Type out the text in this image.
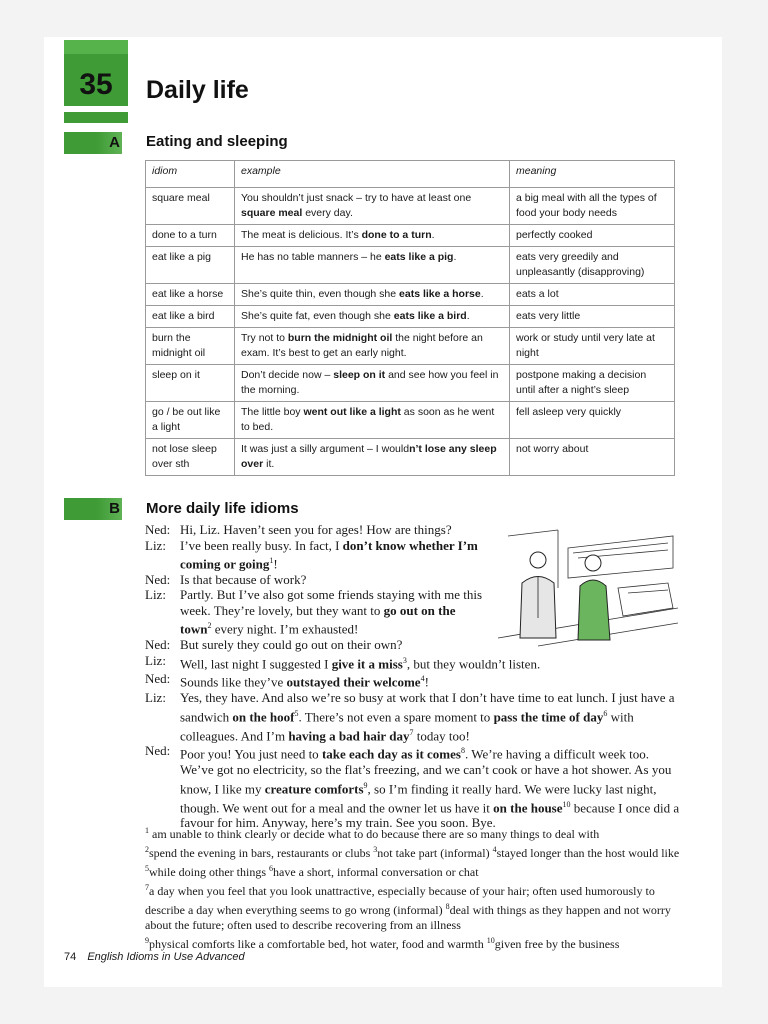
35	Daily life
A Eating and sleeping
idiom	example	meaning
square meal	You shouldn’t just snack – try to have at least one square meal every day.	a big meal with all the types of food your body needs
done to a turn	The meat is delicious. It’s done to a turn.	perfectly cooked
eat like a pig	He has no table manners – he eats like a pig.	eats very greedily and unpleasantly (disapproving)
eat like a horse	She’s quite thin, even though she eats like a horse.	eats a lot
eat like a bird	She’s quite fat, even though she eats like a bird.	eats very little
burn the midnight oil	Try not to burn the midnight oil the night before an exam. It’s best to get an early night.	work or study until very late at night
sleep on it	Don’t decide now – sleep on it and see how you feel in the morning.	postpone making a decision until after a night’s sleep
go / be out like a light	The little boy went out like a light as soon as he went to bed.	fell asleep very quickly
not lose sleep over sth	It was just a silly argument – I wouldn’t lose any sleep over it.	not worry about
B More daily life idioms
Ned: Hi, Liz. Haven’t seen you for ages! How are things?
Liz:	I’ve been really busy. In fact, I don’t know whether I’m coming or going$^1$!
Ned: Is that because of work?
Liz:	Partly. But I’ve also got some friends staying with me this week. They’re lovely, but they want to go out on the town$^2$ every night. I’m exhausted!
Ned: But surely they could go out on their own?
Liz:	Well, last night I suggested I give it a miss$^3$, but they wouldn’t listen.
Ned: Sounds like they’ve outstayed their welcome$^4$!
Liz:	Yes, they have. And also we’re so busy at work that I don’t have time to eat lunch. I just have a sandwich on the hoof$^5$. There’s not even a spare moment to pass the time of day$^6$ with colleagues. And I’m having a bad hair day$^7$ today too!
Ned: Poor you! You just need to take each day as it comes$^8$. We’re having a difficult week too. We’ve got no electricity, so the flat’s freezing, and we can’t cook or have a hot shower. As you know, I like my creature comforts$^9$, so I’m finding it really hard. We were lucky last night, though. We went out for a meal and the owner let us have it on the house$^{10}$ because I once did a favour for him. Anyway, here’s my train. See you soon. Bye.
$^1$ am unable to think clearly or decide what to do because there are so many things to deal with
$^2$spend the evening in bars, restaurants or clubs $^3$not take part (informal) $^4$stayed longer than the host would like $^5$while doing other things $^6$have a short, informal conversation or chat
$^7$a day when you feel that you look unattractive, especially because of your hair; often used humorously to describe a day when everything seems to go wrong (informal) $^8$deal with things as they happen and not worry about the future; often used to describe recovering from an illness
$^9$physical comforts like a comfortable bed, hot water, food and warmth $^{10}$given free by the business
74 English Idioms in Use Advanced
